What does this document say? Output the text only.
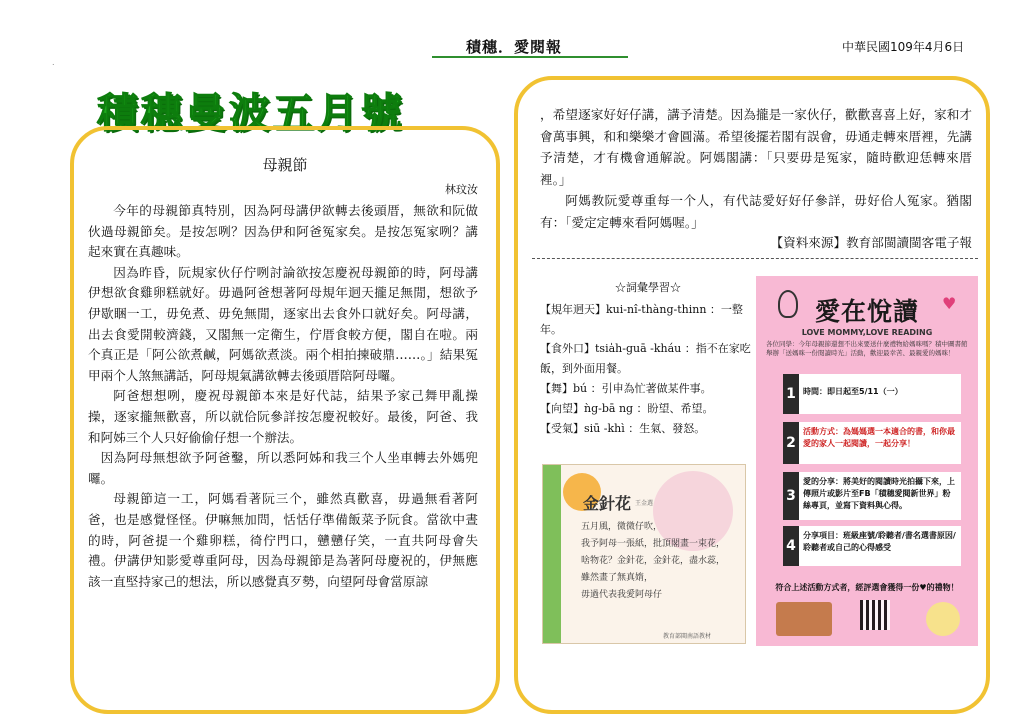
積穗．愛閱報	中華民國109年4月6日
.
積穗曼波五月號
母親節
林玟汝

今年的母親節真特別，因為阿母講伊欲轉去後頭厝，無欲和阮做伙過母親節矣。是按怎咧？因為伊和阿爸冤家矣。是按怎冤家咧？講起來實在真趣味。

因為昨昏，阮規家伙仔佇咧討論欲按怎慶祝母親節的時，阿母講伊想欲食雞卵糕就好。毋過阿爸想著阿母規年迵天攏足無閒，想欲予伊歇睏一工，毋免煮、毋免無閒，逐家出去食外口就好矣。阿母講，出去食愛開較濟錢，又閣無一定衛生，佇厝食較方便，閣自在啦。兩个真正是「阿公欲煮鹹，阿媽欲煮淡。兩个相拍揀破鼎……。」結果冤甲兩个人煞無講話，阿母規氣講欲轉去後頭厝陪阿母囉。

阿爸想想咧，慶祝母親節本來是好代誌，結果予家己舞甲亂操操，逐家攏無歡喜，所以就佮阮參詳按怎慶祝較好。最後，阿爸、我和阿姊三个人只好偷偷仔想一个辦法。

因為阿母無想欲予阿爸鑿，所以悉阿姊和我三个人坐車轉去外媽兜囉。

母親節這一工，阿媽看著阮三个，雖然真歡喜，毋過無看著阿爸，也是感覺怪怪。伊嘛無加問，恬恬仔準備飯菜予阮食。當欲中晝的時，阿爸提一个雞卵糕，徛佇門口，戇戇仔笑，一直共阿母會失禮。伊講伊知影愛尊重阿母，因為母親節是為著阿母慶祝的，伊無應該一直堅持家己的想法，所以感覺真歹勢，向望阿母會當原諒

，希望逐家好好仔講，講予清楚。因為攏是一家伙仔，歡歡喜喜上好，家和才會萬事興，和和樂樂才會圓滿。希望後擺若閣有誤會，毋通走轉來厝裡，先講予清楚，才有機會通解說。阿媽閣講：「只要毋是冤家，隨時歡迎恁轉來厝裡。」

阿媽教阮愛尊重每一个人，有代誌愛好好仔參詳，毋好佮人冤家。猶閣有：「愛定定轉來看阿媽喔。」

【資料來源】教育部閩讀閩客電子報
☆詞彙學習☆

【規年迵天】kui-nî-thàng-thinn ：一整年。

【食外口】tsia̍h-guā -kháu ：指不在家吃飯，到外面用餐。

【舞】bú ：引申為忙著做某件事。

【向望】ǹg-bā ng ：盼望、希望。

【受氣】siū -khì ：生氣、發怒。

金針花 王金選
五月風，微微仔吹，
我予阿母一張紙，批頂閣畫一束花，
啥物花？金針花，金針花，盡水蕊，
雖然畫了無真媠，
毋過代表我愛阿母仔
教育部閩南語教材
♥
愛在悅讀
LOVE MOMMY,LOVE READING
各位同學：今年母親節還想不出來要送什麼禮物給媽咪嗎？積中圖書館舉辦「送媽咪一份閱讀時光」活動，歡迎最幸苦、最親愛的媽咪！
1 時間：即日起至5/11（一）
2
活動方式：為媽媽選一本適合的書，和你最愛的家人一起閱讀，一起分享！
3
愛的分享：將美好的閱讀時光拍攝下來，上傳照片或影片至FB「積穗愛閱新世界」粉絲專頁，並寫下資料與心得。
4
分享項目：班級座號/聆聽者/書名選書原因/聆聽者或自己的心得感受
符合上述活動方式者，經評選會獲得一份♥的禮物！
